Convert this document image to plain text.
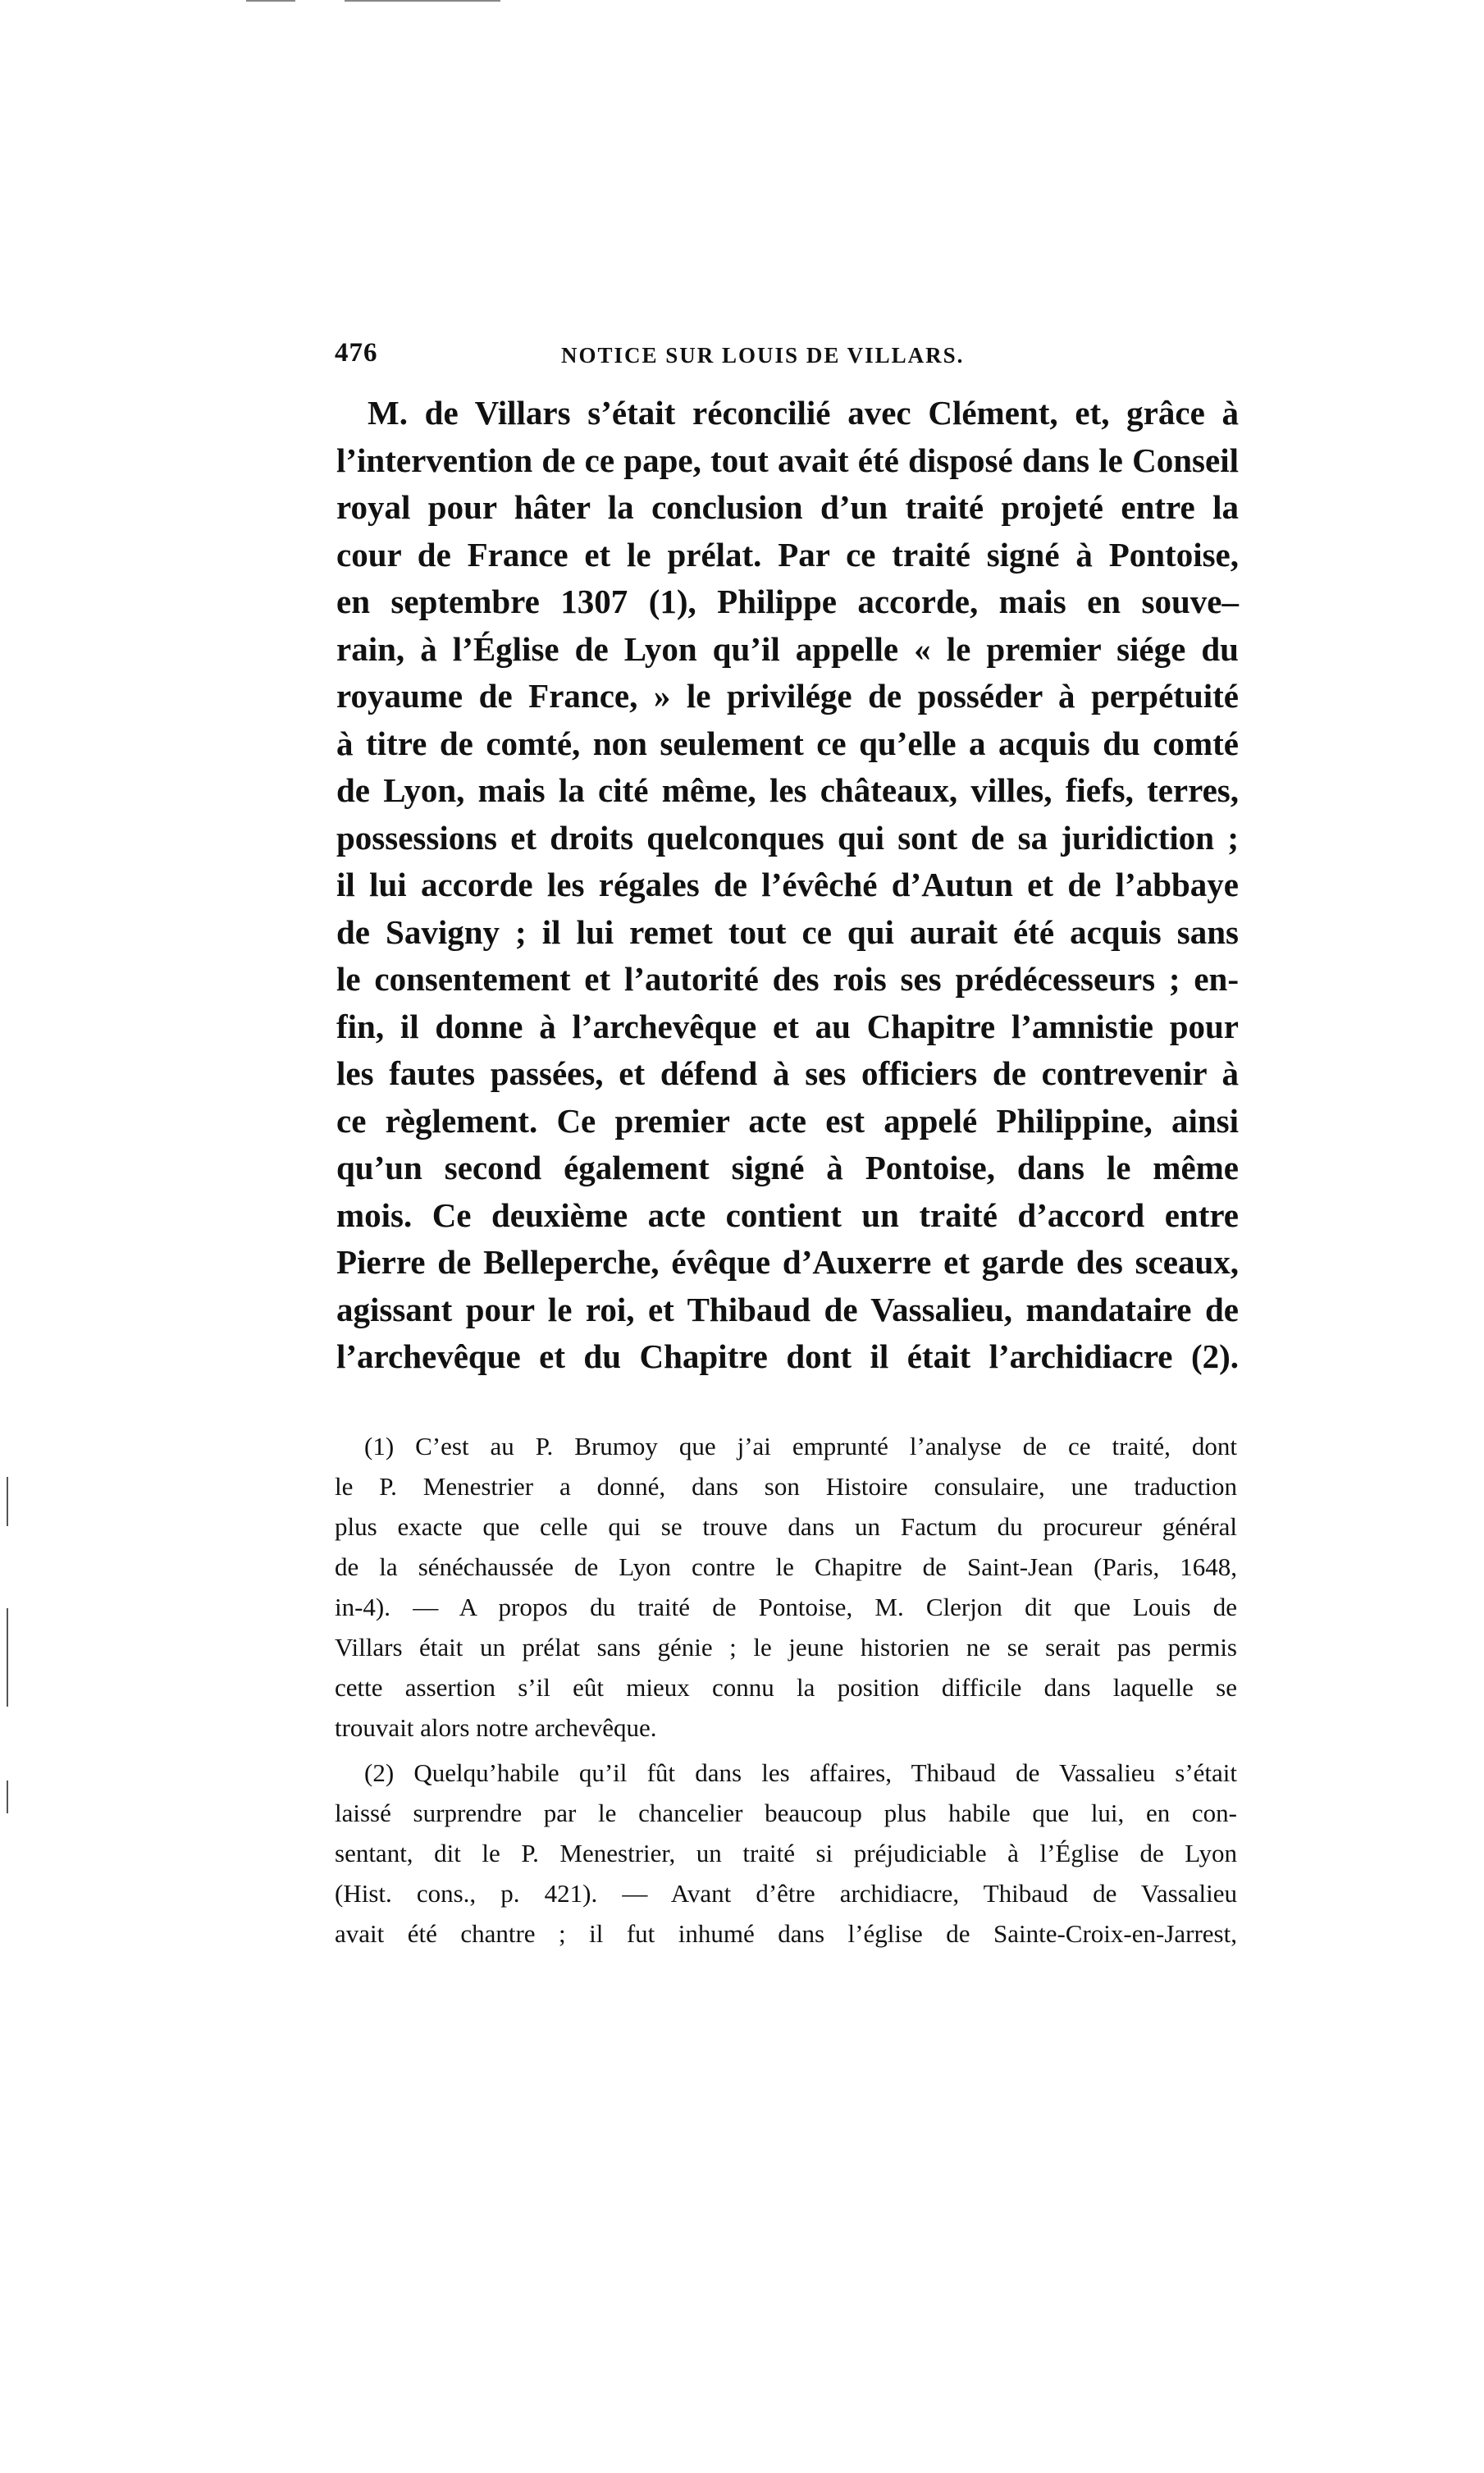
476	NOTICE SUR LOUIS DE VILLARS.
M. de Villars s’était réconcilié avec Clément, et, grâce à
l’intervention de ce pape, tout avait été disposé dans le Conseil
royal pour hâter la conclusion d’un traité projeté entre la
cour de France et le prélat. Par ce traité signé à Pontoise,
en septembre 1307 (1), Philippe accorde, mais en souve–
rain, à l’Église de Lyon qu’il appelle « le premier siége du
royaume de France, » le privilége de posséder à perpétuité
à titre de comté, non seulement ce qu’elle a acquis du comté
de Lyon, mais la cité même, les châteaux, villes, fiefs, terres,
possessions et droits quelconques qui sont de sa juridiction ;
il lui accorde les régales de l’évêché d’Autun et de l’abbaye
de Savigny ; il lui remet tout ce qui aurait été acquis sans
le consentement et l’autorité des rois ses prédécesseurs ; en-
fin, il donne à l’archevêque et au Chapitre l’amnistie pour
les fautes passées, et défend à ses officiers de contrevenir à
ce règlement. Ce premier acte est appelé Philippine, ainsi
qu’un second également signé à Pontoise, dans le même
mois. Ce deuxième acte contient un traité d’accord entre
Pierre de Belleperche, évêque d’Auxerre et garde des sceaux,
agissant pour le roi, et Thibaud de Vassalieu, mandataire de
l’archevêque et du Chapitre dont il était l’archidiacre (2).
(1) C’est au P. Brumoy que j’ai emprunté l’analyse de ce traité, dont
le P. Menestrier a donné, dans son Histoire consulaire, une traduction
plus exacte que celle qui se trouve dans un Factum du procureur général
de la sénéchaussée de Lyon contre le Chapitre de Saint-Jean (Paris, 1648,
in-4). — A propos du traité de Pontoise, M. Clerjon dit que Louis de
Villars était un prélat sans génie ; le jeune historien ne se serait pas permis
cette assertion s’il eût mieux connu la position difficile dans laquelle se
trouvait alors notre archevêque.
(2) Quelqu’habile qu’il fût dans les affaires, Thibaud de Vassalieu s’était
laissé surprendre par le chancelier beaucoup plus habile que lui, en con-
sentant, dit le P. Menestrier, un traité si préjudiciable à l’Église de Lyon
(Hist. cons., p. 421). — Avant d’être archidiacre, Thibaud de Vassalieu
avait été chantre ; il fut inhumé dans l’église de Sainte-Croix-en-Jarrest,
